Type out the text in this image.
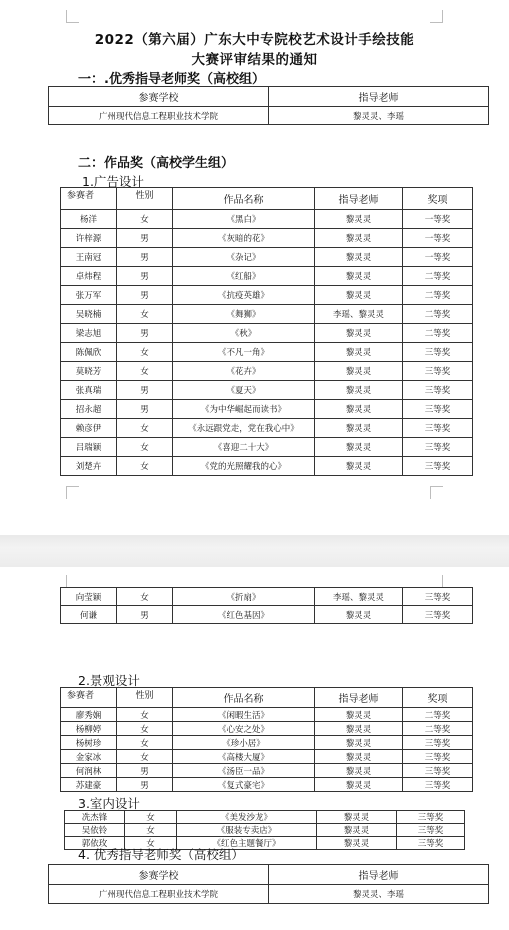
2022（第六届）广东大中专院校艺术设计手绘技能
大赛评审结果的通知
一：.优秀指导老师奖（高校组）
参赛学校	指导老师
广州现代信息工程职业技术学院	黎灵灵、李瑶
二：作品奖（高校学生组）
1.广告设计
参赛者	性别	作品名称	指导老师	奖项
杨洋	女	《黑白》	黎灵灵	一等奖
许梓源	男	《灰暗的花》	黎灵灵	一等奖
王南冠	男	《杂记》	黎灵灵	一等奖
卓炜程	男	《红船》	黎灵灵	二等奖
张万军	男	《抗疫英雄》	黎灵灵	二等奖
吴晓楠	女	《舞狮》	李瑶、黎灵灵	二等奖
梁志旭	男	《秋》	黎灵灵	二等奖
陈佩欣	女	《不凡一角》	黎灵灵	三等奖
莫晓芳	女	《花卉》	黎灵灵	三等奖
张真瑞	男	《夏天》	黎灵灵	三等奖
招永超	男	《为中华崛起而读书》	黎灵灵	三等奖
赖彦伊	女	《永远跟党走，党在我心中》	黎灵灵	三等奖
吕瑞颖	女	《喜迎二十大》	黎灵灵	三等奖
刘楚卉	女	《党的光照耀我的心》	黎灵灵	三等奖
向莹颖	女	《折扇》	李瑶、黎灵灵	三等奖
何谦	男	《红色基因》	黎灵灵	三等奖
2.景观设计
参赛者	性别	作品名称	指导老师	奖项
廖秀娴	女	《闲暇生活》	黎灵灵	二等奖
杨柳婷	女	《心安之处》	黎灵灵	二等奖
杨树珍	女	《珍小居》	黎灵灵	三等奖
金家冰	女	《高楼大厦》	黎灵灵	三等奖
何润林	男	《汤臣一品》	黎灵灵	三等奖
苏建豪	男	《复式豪宅》	黎灵灵	三等奖
3.室内设计
冼杰锋	女	《美发沙龙》	黎灵灵	三等奖
吴依铃	女	《服装专卖店》	黎灵灵	三等奖
郭依玫	女	《红色主题餐厅》	黎灵灵	三等奖
4. 优秀指导老师奖（高校组）
参赛学校	指导老师
广州现代信息工程职业技术学院	黎灵灵、李瑶
